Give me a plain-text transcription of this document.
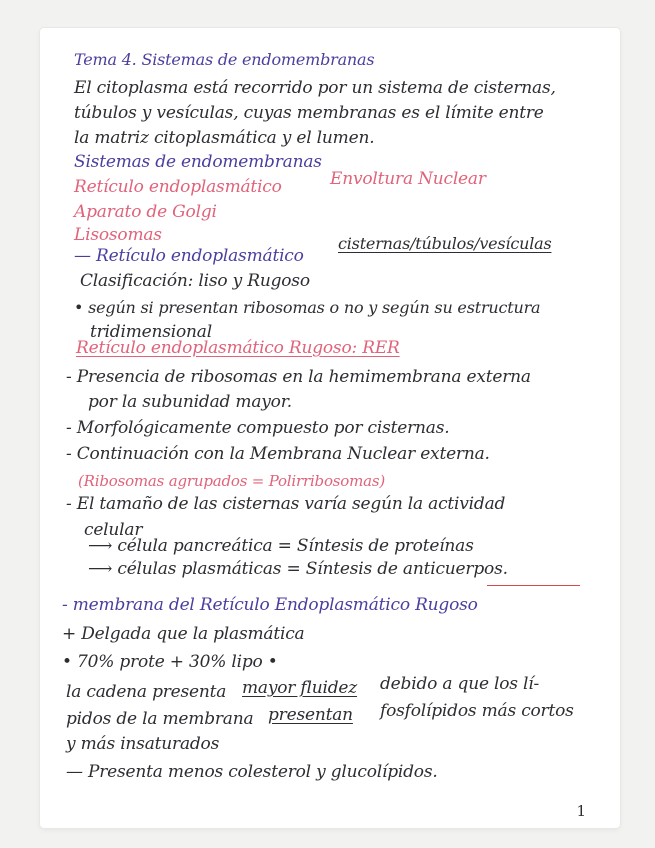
Tema 4. Sistemas de endomembranas
El citoplasma está recorrido por un sistema de cisternas,
túbulos y vesículas, cuyas membranas es el límite entre
la matriz citoplasmática y el lumen.
Sistemas de endomembranas
Retículo endoplasmático	Envoltura Nuclear
Aparato de Golgi
Lisosomas
— Retículo endoplasmático
cisternas/túbulos/vesículas
Clasificación: liso y Rugoso
• según si presentan ribosomas o no y según su estructura
tridimensional
Retículo endoplasmático Rugoso: RER
- Presencia de ribosomas en la hemimembrana externa
por la subunidad mayor.
- Morfológicamente compuesto por cisternas.
- Continuación con la Membrana Nuclear externa.
(Ribosomas agrupados = Polirribosomas)
- El tamaño de las cisternas varía según la actividad
celular
⟶ célula pancreática = Síntesis de proteínas
⟶ células plasmáticas = Síntesis de anticuerpos.
- membrana del Retículo Endoplasmático Rugoso
+ Delgada que la plasmática
• 70% prote + 30% lipo •
la cadena presenta mayor fluidez debido a que los lí-
pidos de la membrana presentan fosfolípidos más cortos
y más insaturados
— Presenta menos colesterol y glucolípidos.
1
